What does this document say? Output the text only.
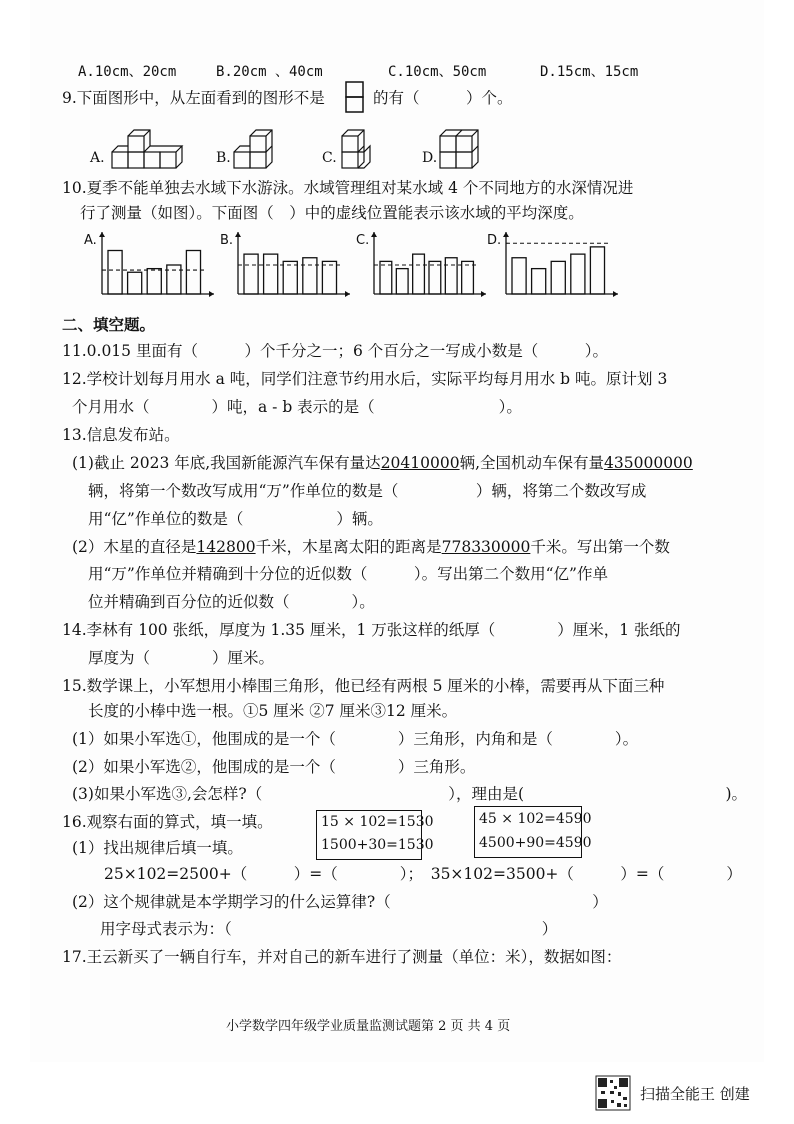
A.10cm、20cm	B.20cm 、40cm	C.10cm、50cm	D.15cm、15cm
9.下面图形中，从左面看到的图形不是	的有（　　　）个。
A.	B.	C.	D.
10.夏季不能单独去水域下水游泳。水域管理组对某水域 4 个不同地方的水深情况进
行了测量（如图）。下面图（　）中的虚线位置能表示该水域的平均深度。
A.	B.	C.	D.
二、填空题。
11.0.015 里面有（　　　）个千分之一；6 个百分之一写成小数是（　　　）。
12.学校计划每月用水 a 吨，同学们注意节约用水后，实际平均每月用水 b 吨。原计划 3
个月用水（　　　　）吨，a - b 表示的是（　　　　　　　　）。
13.信息发布站。
(1)截止 2023 年底,我国新能源汽车保有量达20410000辆,全国机动车保有量435000000
辆，将第一个数改写成用“万”作单位的数是（　　　　　）辆，将第二个数改写成
用“亿”作单位的数是（　　　　　　）辆。
(2）木星的直径是142800千米，木星离太阳的距离是778330000千米。写出第一个数
用“万”作单位并精确到十分位的近似数（　　　）。写出第二个数用“亿”作单
位并精确到百分位的近似数（　　　　）。
14.李林有 100 张纸，厚度为 1.35 厘米，1 万张这样的纸厚（　　　　）厘米，1 张纸的
厚度为（　　　　）厘米。
15.数学课上，小军想用小棒围三角形，他已经有两根 5 厘米的小棒，需要再从下面三种
长度的小棒中选一根。①5 厘米 ②7 厘米③12 厘米。
(1）如果小军选①，他围成的是一个（　　　　）三角形，内角和是（　　　　）。
(2）如果小军选②，他围成的是一个（　　　　）三角形。
(3)如果小军选③,会怎样?（　　　　　　　　　　　　），理由是(　　　　　　　　　　　　　)。
16.观察右面的算式，填一填。	15 × 102=1530
1500+30=1530
45 × 102=4590
4500+90=4590
(1）找出规律后填一填。
25×102=2500+（　　　）=（　　　　）；　35×102=3500+（　　　）=（　　　　）
(2）这个规律就是本学期学习的什么运算律?（　　　　　　　　　　　　　）
用字母式表示为：（　　　　　　　　　　　　　　　　　　　　）
17.王云新买了一辆自行车，并对自己的新车进行了测量（单位：米），数据如图：
小学数学四年级学业质量监测试题第 2 页 共 4 页
扫描全能王 创建
